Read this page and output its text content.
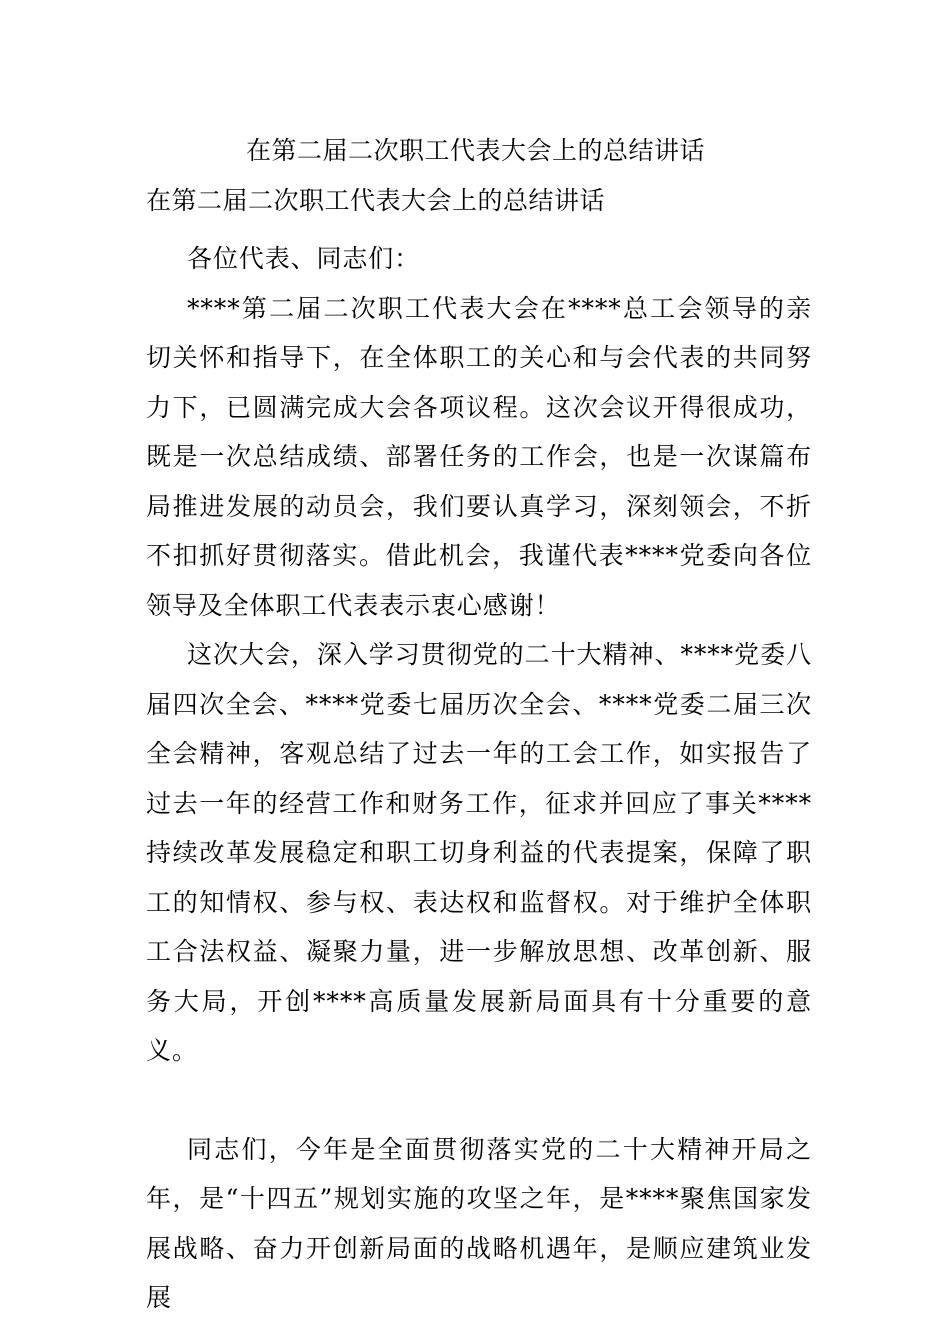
在第二届二次职工代表大会上的总结讲话
在第二届二次职工代表大会上的总结讲话

各位代表、同志们：

****第二届二次职工代表大会在****总工会领导的亲切关怀和指导下，在全体职工的关心和与会代表的共同努力下，已圆满完成大会各项议程。这次会议开得很成功，既是一次总结成绩、部署任务的工作会，也是一次谋篇布局推进发展的动员会，我们要认真学习，深刻领会，不折不扣抓好贯彻落实。借此机会，我谨代表****党委向各位领导及全体职工代表表示衷心感谢！

这次大会，深入学习贯彻党的二十大精神、****党委八届四次全会、****党委七届历次全会、****党委二届三次全会精神，客观总结了过去一年的工会工作，如实报告了过去一年的经营工作和财务工作，征求并回应了事关****持续改革发展稳定和职工切身利益的代表提案，保障了职工的知情权、参与权、表达权和监督权。对于维护全体职工合法权益、凝聚力量，进一步解放思想、改革创新、服务大局，开创****高质量发展新局面具有十分重要的意义。

同志们，今年是全面贯彻落实党的二十大精神开局之年，是“十四五”规划实施的攻坚之年，是****聚焦国家发展战略、奋力开创新局面的战略机遇年，是顺应建筑业发展
